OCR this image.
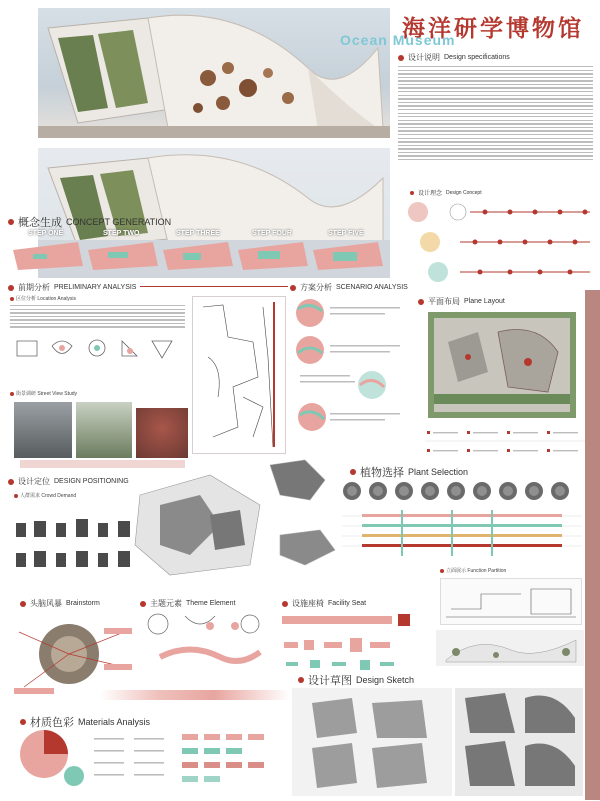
海洋研学博物馆
Ocean Museum
设计说明 Design specifications
设计理念 Design Concept
概念生成 CONCEPT GENERATION
STEP ONE	STEP TWO	STEP THREE	STEP FOUR	STEP FIVE
前期分析 PRELIMINARY ANALYSIS
区位分析 Location Analysis
街景调研 Street View Study
方案分析 SCENARIO ANALYSIS
平面布局 Plane Layout
设计定位 DESIGN POSITIONING
人群需求 Crowd Demand
植物选择 Plant Selection
立面展示 Function Partition
头脑风暴 Brainstorm	主题元素 Theme Element	设施座椅 Facility Seat
设计草图 Design Sketch
材质色彩 Materials Analysis
